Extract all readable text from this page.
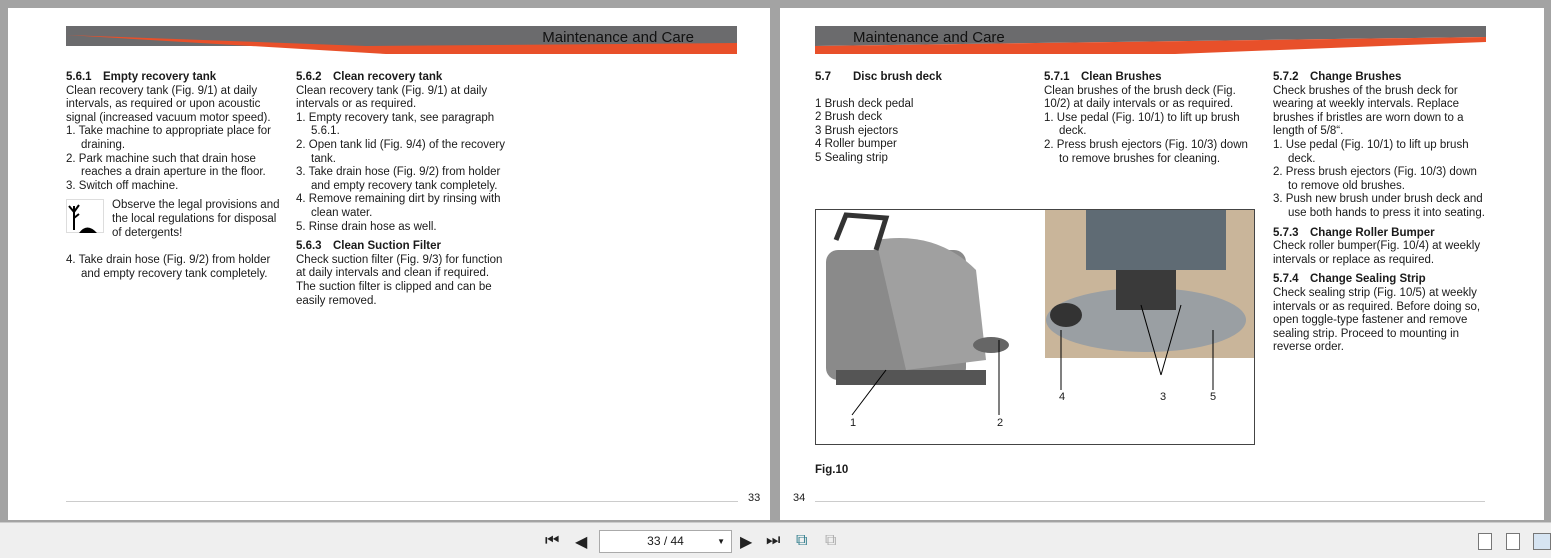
Maintenance and Care
5.6.1 Empty recovery tank

Clean recovery tank (Fig. 9/1) at daily intervals, as required or upon acoustic signal (increased vacuum motor speed).

1. Take machine to appropriate place for draining.
2. Park machine such that drain hose reaches a drain aperture in the floor.
3. Switch off machine.

Observe the legal provisions and the local regulations for disposal of detergents!

4. Take drain hose (Fig. 9/2) from holder and empty recovery tank completely.
5.6.2 Clean recovery tank

Clean recovery tank (Fig. 9/1) at daily intervals or as required.

1. Empty recovery tank, see paragraph 5.6.1.
2. Open tank lid (Fig. 9/4) of the recovery tank.
3. Take drain hose (Fig. 9/2) from holder and empty recovery tank completely.
4. Remove remaining dirt by rinsing with clean water.
5. Rinse drain hose as well.
5.6.3 Clean Suction Filter

Check suction filter (Fig. 9/3) for function at daily intervals and clean if required. The suction filter is clipped and can be easily removed.

33
Maintenance and Care
5.7 Disc brush deck

1 Brush deck pedal

2 Brush deck

3 Brush ejectors

4 Roller bumper

5 Sealing strip

5.7.1 Clean Brushes

Clean brushes of the brush deck (Fig. 10/2) at daily intervals or as required.

1. Use pedal (Fig. 10/1) to lift up brush deck.
2. Press brush ejectors (Fig. 10/3) down to remove brushes for cleaning.
5.7.2 Change Brushes

Check brushes of the brush deck for wearing at weekly intervals. Replace brushes if bristles are worn down to a length of 5/8“.

1. Use pedal (Fig. 10/1) to lift up brush deck.
2. Press brush ejectors (Fig. 10/3) down to remove old brushes.
3. Push new brush under brush deck and use both hands to press it into seating.
5.7.3 Change Roller Bumper

Check roller bumper(Fig. 10/4) at weekly intervals or replace as required.

5.7.4 Change Sealing Strip

Check sealing strip (Fig. 10/5) at weekly intervals or as required. Before doing so, open toggle-type fastener and remove sealing strip. Proceed to mounting in reverse order.

1	2
4	3	5
Fig.10
34
⏮ ◀	33 / 44	▼ ▶ ⏭ ⧉ ⧉
